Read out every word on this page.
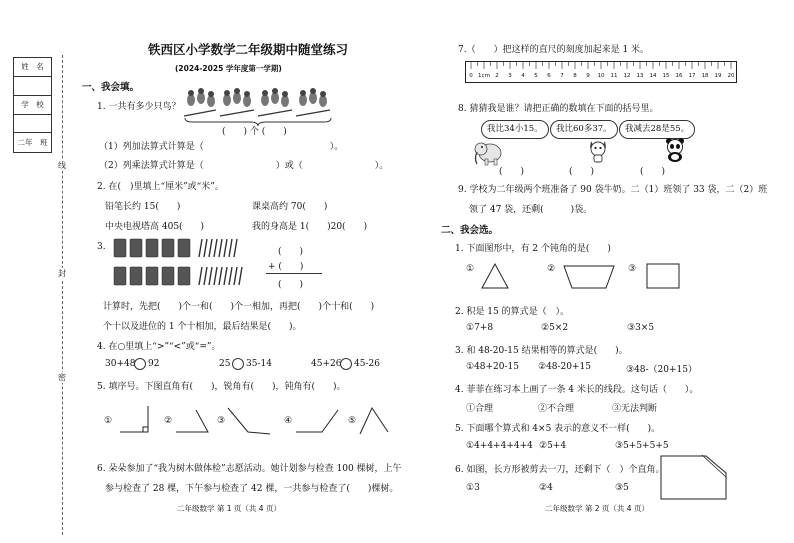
姓　名
学　校
二年　班
线
封
密
铁西区小学数学二年级期中随堂练习
(2024-2025 学年度第一学期)
一、我会填。
1. 一共有多少只鸟？
(　　) 个 (　　)
（1）列加法算式计算是（　　　　　　　　　　　　　　）。
（2）列乘法算式计算是（　　　　　　　　）或（　　　　　　　　）。
2. 在(　)里填上“厘米”或“米”。
铅笔长约 15(　　)	课桌高约 70(　　)
中央电视塔高 405(　　)	我的身高是 1(　　)20(　　)
3.	(　　)
+ (　　)
(　　)
计算时，先把(　　)个一和(　　)个一相加，再把(　　)个十和(　　)
个十以及进位的 1 个十相加，最后结果是(　　)。
4. 在○里填上“>”“<”或“=”。
30+48 92	25 35-14	45+26 45-26
5. 填序号。下图直角有(　　)，锐角有(　　)，钝角有(　　)。
①	②	③	④	⑤
6. 朵朵参加了“我为树木做体检”志愿活动。她计划参与检查 100 棵树，上午
参与检查了 28 棵，下午参与检查了 42 棵，一共参与检查了(　　)棵树。
二年级数学 第 1 页（共 4 页）
7.（　　）把这样的直尺的刻度加起来是 1 米。
0 1cm 2 3 4 5 6 7 8 9 10 11 12 13 14 15 16 17 18 19 20
8. 猜猜我是谁？请把正确的数填在下面的括号里。
我比34小15。	我比60多37。	我减去28是55。
(　　)	(　　)	(　　)
9. 学校为二年级两个班准备了 90 袋牛奶。二（1）班领了 33 袋，二（2）班
领了 47 袋，还剩(　　　)袋。
二、我会选。
1. 下面图形中，有 2 个钝角的是(　　)
①	②	③
2. 积是 15 的算式是（　）。
①7+8	②5×2	③3×5
3. 和 48-20-15 结果相等的算式是(　　)。
①48+20-15 ②48-20+15	③48-（20+15）
4. 菲菲在练习本上画了一条 4 米长的线段。这句话（　　）。
①合理	②不合理	③无法判断
5. 下面哪个算式和 4×5 表示的意义不一样(　　)。
①4+4+4+4+4 ②5+4	③5+5+5+5
6. 如图，长方形被剪去一刀，还剩下（　）个直角。
①3	②4	③5
二年级数学 第 2 页（共 4 页）
